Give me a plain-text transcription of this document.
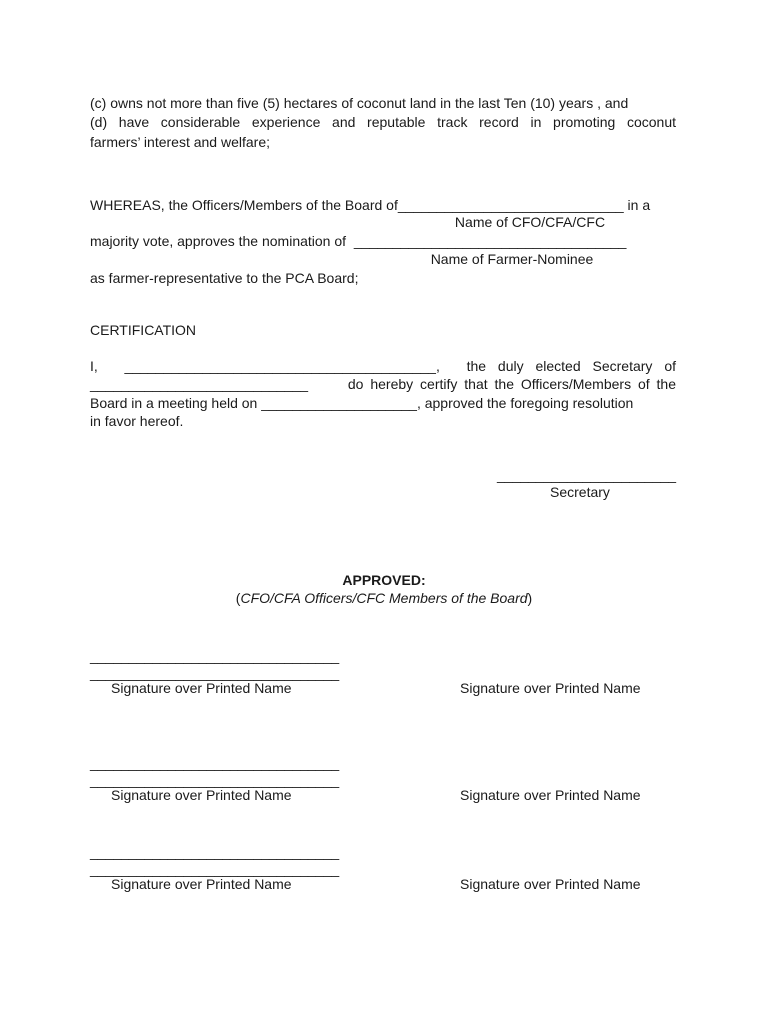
(c) owns not more than five (5) hectares of coconut land in the last Ten (10) years , and
(d) have considerable experience and reputable track record in promoting coconut
farmers’ interest and welfare;
WHEREAS, the Officers/Members of the Board of_____________________________ in a
Name of CFO/CFA/CFC
majority vote, approves the nomination of ___________________________________
Name of Farmer-Nominee
as farmer-representative to the PCA Board;
CERTIFICATION
I, ________________________________________, the duly elected Secretary of
____________________________	do hereby certify that the Officers/Members of the
Board in a meeting held on ____________________, approved the foregoing resolution
in favor hereof.
_______________________
Secretary
APPROVED:
(CFO/CFA Officers/CFC Members of the Board)
________________________________
________________________________
Signature over Printed Name	Signature over Printed Name
________________________________
________________________________
Signature over Printed Name	Signature over Printed Name
________________________________
________________________________
Signature over Printed Name	Signature over Printed Name
